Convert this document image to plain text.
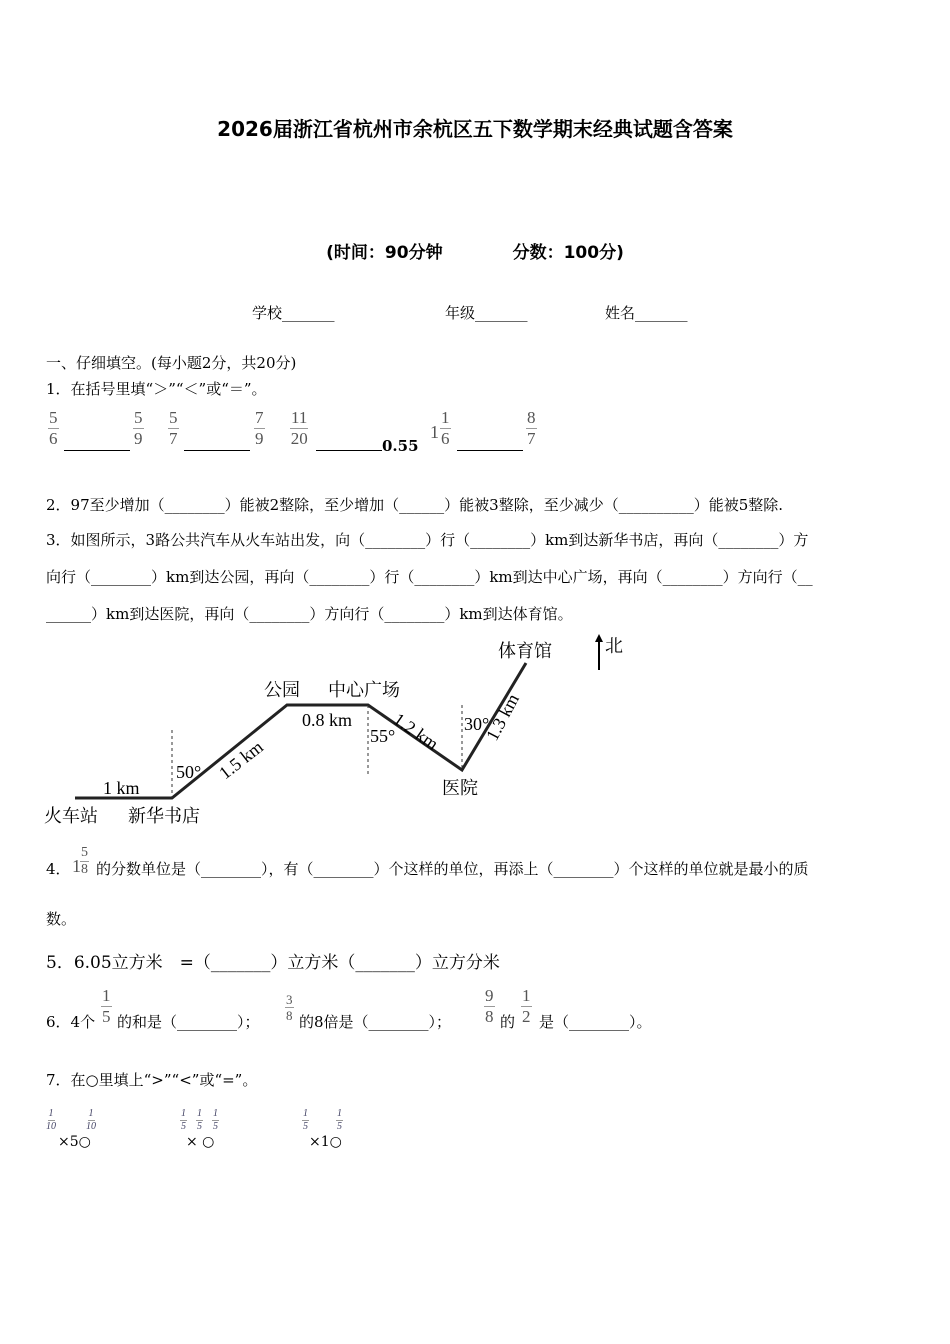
2026届浙江省杭州市余杭区五下数学期末经典试题含答案
(时间：90分钟	分数：100分)
学校_______	年级_______	姓名_______
一、仔细填空。(每小题2分，共20分)
1．在括号里填“＞”“＜”或“＝”。
$\frac{5}{6}$	$\frac{5}{9} \frac{5}{7}$	$\frac{7}{9} \frac{11}{20}$	0.55
$1 \frac{1}{6}$	$\frac{8}{7}$
2．97至少增加（________）能被2整除，至少增加（______）能被3整除，至少减少（__________）能被5整除.
3．如图所示，3路公共汽车从火车站出发，向（________）行（________）km到达新华书店，再向（________）方
向行（________）km到达公园，再向（________）行（________）km到达中心广场，再向（________）方向行（__
______）km到达医院，再向（________）方向行（________）km到达体育馆。
北
火车站 新华书店
公园 中心广场
医院
体育馆
1 km
1.5 km
0.8 km 1.2 km 1.3 km
50°
55°
30°
4． $1 \frac{5}{8}$ 的分数单位是（________），有（________）个这样的单位，再添上（________）个这样的单位就是最小的质
数。
5．6.05立方米　=（_______）立方米（_______）立方分米
6．4个 $\frac{1}{5}$ 的和是（________）； $\frac{3}{8}$ 的8倍是（________）； $\frac{9}{8}$ 的 $\frac{1}{2}$ 是（________）。
7．在○里填上“>”“<”或“=”。
$\frac{1}{10}$
×5○
$\frac{1}{10}$	$\frac{1}{5} \frac{1}{5} \frac{1}{5}$
× ○
$\frac{1}{5}$
×1○
$\frac{1}{5}$
